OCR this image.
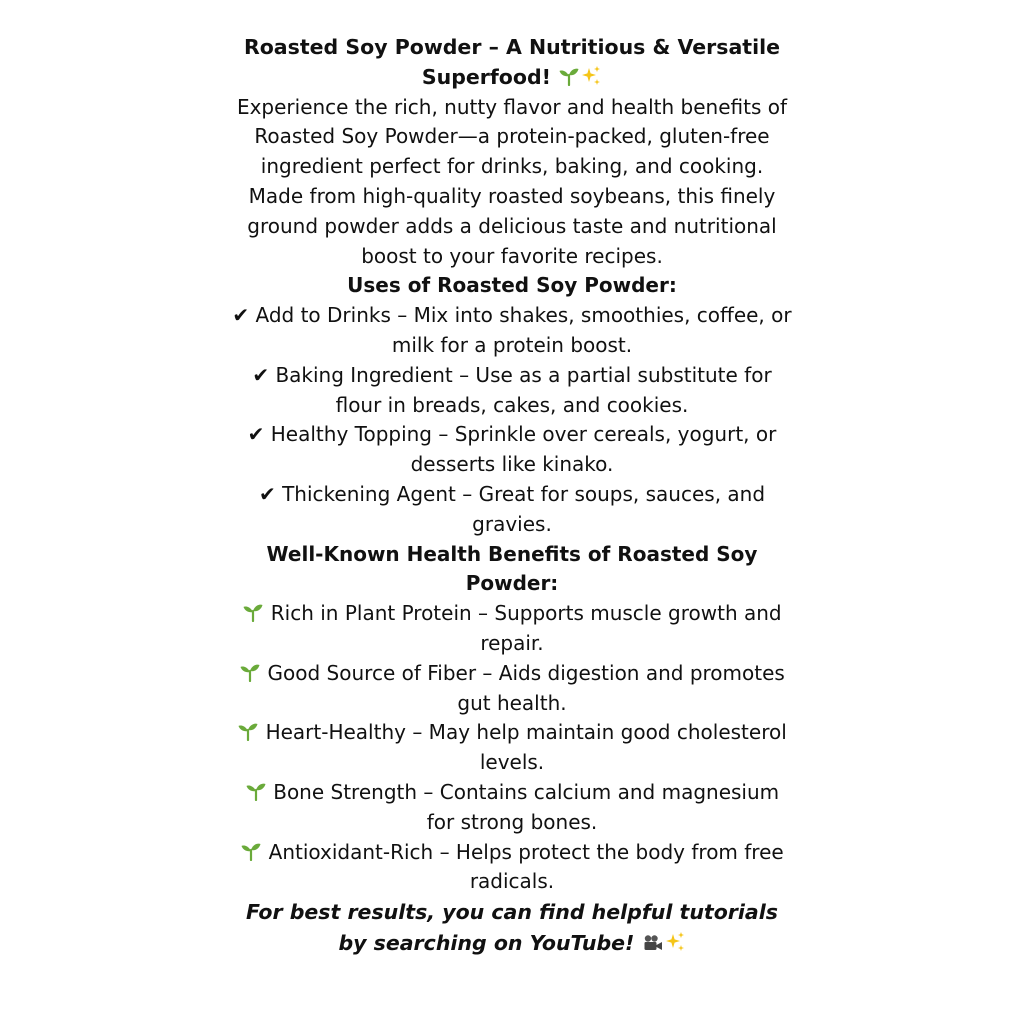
Roasted Soy Powder – A Nutritious & Versatile Superfood!

Experience the rich, nutty flavor and health benefits of Roasted Soy Powder—a protein-packed, gluten-free ingredient perfect for drinks, baking, and cooking. Made from high-quality roasted soybeans, this finely ground powder adds a delicious taste and nutritional boost to your favorite recipes.

Uses of Roasted Soy Powder:

✔ Add to Drinks – Mix into shakes, smoothies, coffee, or milk for a protein boost.

✔ Baking Ingredient – Use as a partial substitute for flour in breads, cakes, and cookies.

✔ Healthy Topping – Sprinkle over cereals, yogurt, or desserts like kinako.

✔ Thickening Agent – Great for soups, sauces, and gravies.

Well-Known Health Benefits of Roasted Soy Powder:

Rich in Plant Protein – Supports muscle growth and repair.

Good Source of Fiber – Aids digestion and promotes gut health.

Heart-Healthy – May help maintain good cholesterol levels.

Bone Strength – Contains calcium and magnesium for strong bones.

Antioxidant-Rich – Helps protect the body from free radicals.

For best results, you can find helpful tutorials by searching on YouTube!
